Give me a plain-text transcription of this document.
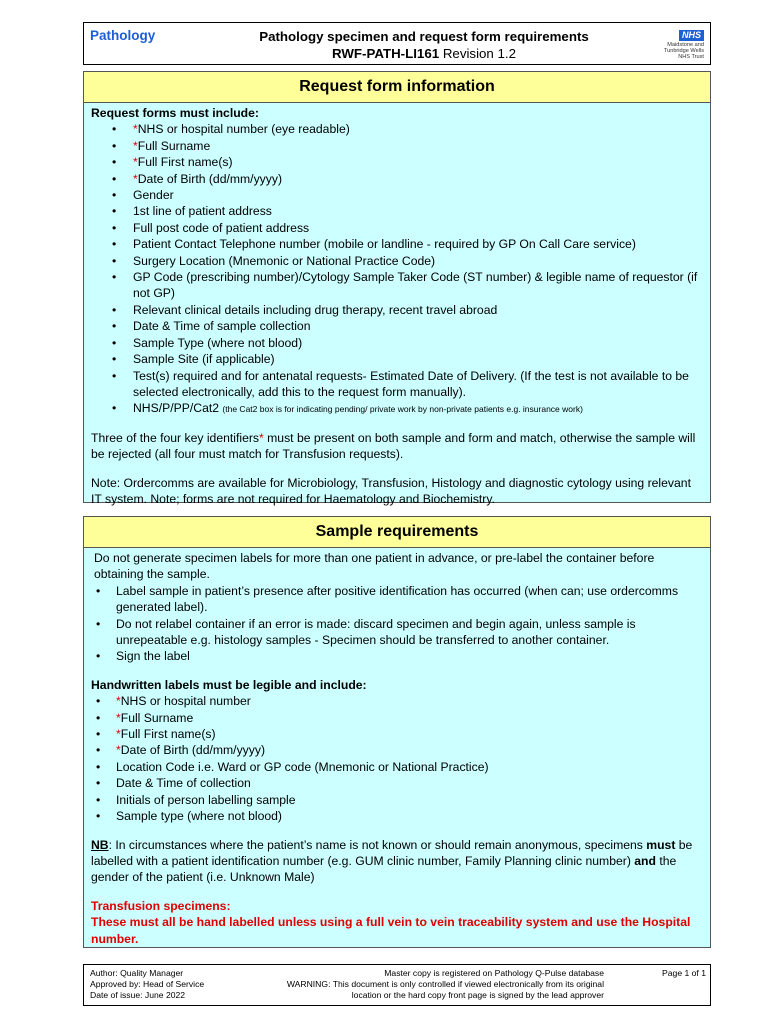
Pathology	Pathology specimen and request form requirements
RWF-PATH-LI161 Revision 1.2
NHS
Maidstone and
Tunbridge Wells
NHS Trust
Request form information
Request forms must include:
• *NHS or hospital number (eye readable)
• *Full Surname
• *Full First name(s)
• *Date of Birth (dd/mm/yyyy)
• Gender
• 1st line of patient address
• Full post code of patient address
• Patient Contact Telephone number (mobile or landline - required by GP On Call Care service)
• Surgery Location (Mnemonic or National Practice Code)
• GP Code (prescribing number)/Cytology Sample Taker Code (ST number) & legible name of requestor (if not GP)
• Relevant clinical details including drug therapy, recent travel abroad
• Date & Time of sample collection
• Sample Type (where not blood)
• Sample Site (if applicable)
• Test(s) required and for antenatal requests- Estimated Date of Delivery. (If the test is not available to be selected electronically, add this to the request form manually).
• NHS/P/PP/Cat2 (the Cat2 box is for indicating pending/ private work by non-private patients e.g. insurance work)
Three of the four key identifiers* must be present on both sample and form and match, otherwise the sample will be rejected (all four must match for Transfusion requests).
Note: Ordercomms are available for Microbiology, Transfusion, Histology and diagnostic cytology using relevant IT system. Note; forms are not required for Haematology and Biochemistry.
Sample requirements
Do not generate specimen labels for more than one patient in advance, or pre-label the container before obtaining the sample.
• Label sample in patient’s presence after positive identification has occurred (when can; use ordercomms generated label).
• Do not relabel container if an error is made: discard specimen and begin again, unless sample is unrepeatable e.g. histology samples - Specimen should be transferred to another container.
• Sign the label
Handwritten labels must be legible and include:
• *NHS or hospital number
• *Full Surname
• *Full First name(s)
• *Date of Birth (dd/mm/yyyy)
• Location Code i.e. Ward or GP code (Mnemonic or National Practice)
• Date & Time of collection
• Initials of person labelling sample
• Sample type (where not blood)
NB: In circumstances where the patient’s name is not known or should remain anonymous, specimens must be labelled with a patient identification number (e.g. GUM clinic number, Family Planning clinic number) and the gender of the patient (i.e. Unknown Male)
Transfusion specimens:
These must all be hand labelled unless using a full vein to vein traceability system and use the Hospital number.
Author: Quality Manager
Approved by: Head of Service
Date of issue: June 2022
Master copy is registered on Pathology Q-Pulse database
WARNING: This document is only controlled if viewed electronically from its original
location or the hard copy front page is signed by the lead approver
Page 1 of 1
